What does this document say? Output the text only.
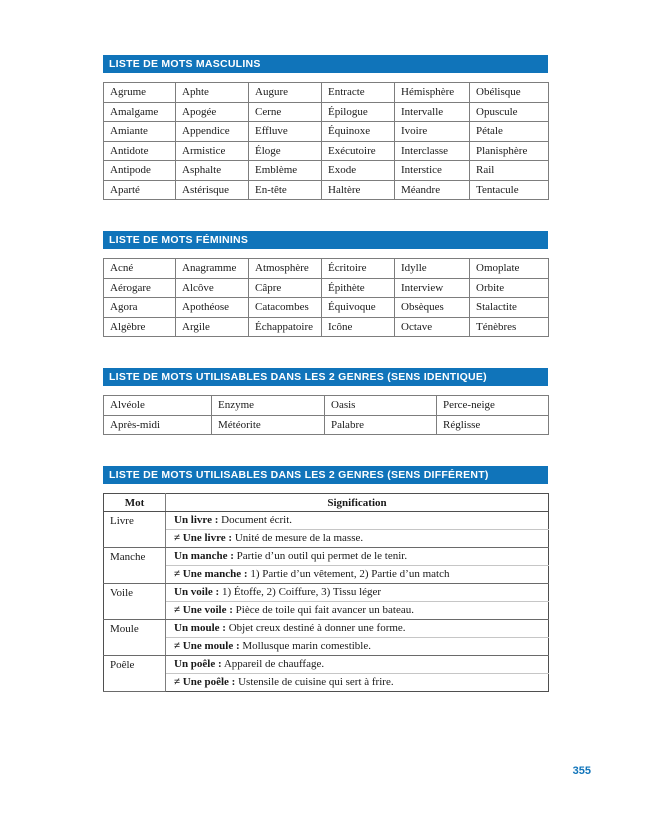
LISTE DE MOTS MASCULINS
Agrume	Aphte	Augure	Entracte	Hémisphère	Obélisque
Amalgame	Apogée	Cerne	Épilogue	Intervalle	Opuscule
Amiante	Appendice	Effluve	Équinoxe	Ivoire	Pétale
Antidote	Armistice	Éloge	Exécutoire	Interclasse	Planisphère
Antipode	Asphalte	Emblème	Exode	Interstice	Rail
Aparté	Astérisque	En-tête	Haltère	Méandre	Tentacule
LISTE DE MOTS FÉMININS
Acné	Anagramme	Atmosphère	Écritoire	Idylle	Omoplate
Aérogare	Alcôve	Câpre	Épithète	Interview	Orbite
Agora	Apothéose	Catacombes	Équivoque	Obsèques	Stalactite
Algèbre	Argile	Échappatoire	Icône	Octave	Ténèbres
LISTE DE MOTS UTILISABLES DANS LES 2 GENRES (SENS IDENTIQUE)
Alvéole	Enzyme	Oasis	Perce-neige
Après-midi	Météorite	Palabre	Réglisse
LISTE DE MOTS UTILISABLES DANS LES 2 GENRES (SENS DIFFÉRENT)
Mot	Signification
Livre	Un livre : Document écrit.
	≠ Une livre : Unité de mesure de la masse.
Manche	Un manche : Partie d’un outil qui permet de le tenir.
	≠ Une manche : 1) Partie d’un vêtement, 2) Partie d’un match
Voile	Un voile : 1) Étoffe, 2) Coiffure, 3) Tissu léger
	≠ Une voile : Pièce de toile qui fait avancer un bateau.
Moule	Un moule : Objet creux destiné à donner une forme.
	≠ Une moule : Mollusque marin comestible.
Poêle	Un poêle : Appareil de chauffage.
	≠ Une poêle : Ustensile de cuisine qui sert à frire.
355
